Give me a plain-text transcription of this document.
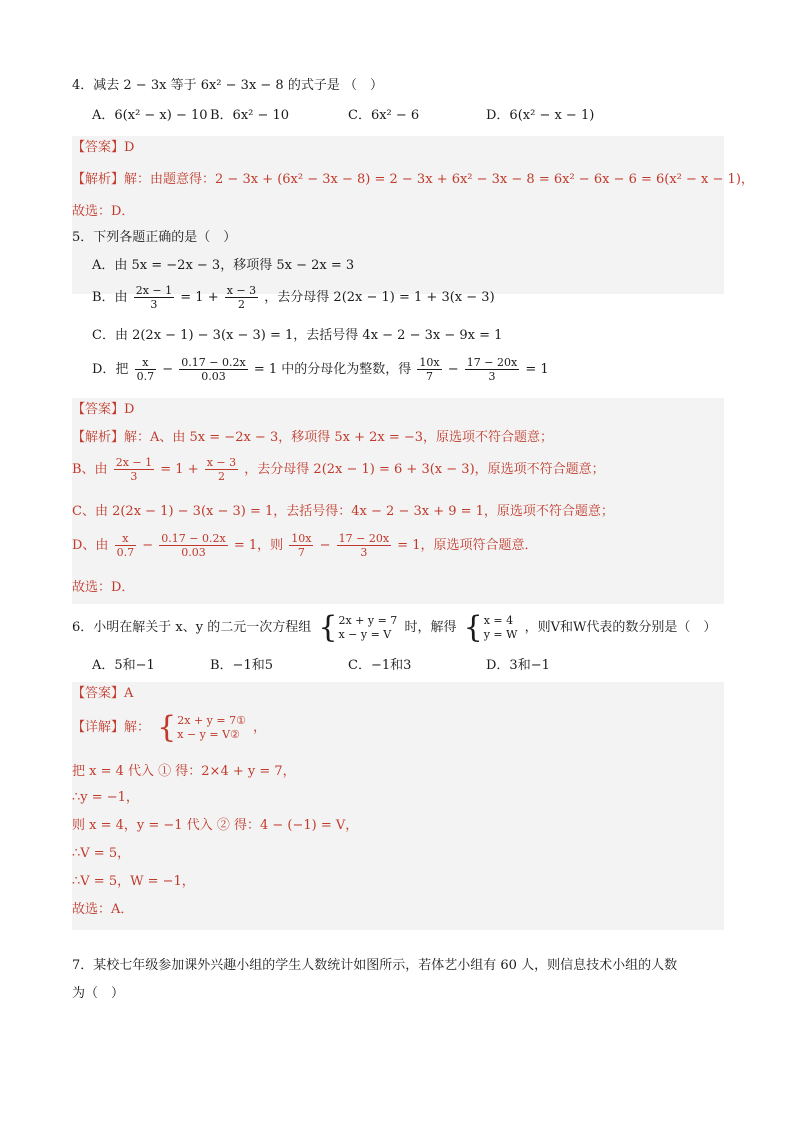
4．减去 2 − 3x 等于 6x² − 3x − 8 的式子是 （　）
A．6(x² − x) − 10 B．6x² − 10	C．6x² − 6	D．6(x² − x − 1)
【答案】D
【解析】解：由题意得：2 − 3x + (6x² − 3x − 8) = 2 − 3x + 6x² − 3x − 8 = 6x² − 6x − 6 = 6(x² − x − 1)，
故选：D．
5．下列各题正确的是（　）
A．由 5x = −2x − 3，移项得 5x − 2x = 3
B．由 $\frac{2x - 1}{3} = 1 + \frac{x - 3}{2}$ ，去分母得 2(2x − 1) = 1 + 3(x − 3)
C．由 2(2x − 1) − 3(x − 3) = 1，去括号得 4x − 2 − 3x − 9x = 1
D．把 $\frac{x}{0.7} - \frac{0.17 - 0.2x}{0.03} = 1$ 中的分母化为整数，得 $\frac{10x}{7} - \frac{17 - 20x}{3} = 1$
【答案】D
【解析】解：A、由 5x = −2x − 3，移项得 5x + 2x = −3，原选项不符合题意；
B、由 $\frac{2x - 1}{3} = 1 + \frac{x - 3}{2}$ ，去分母得 2(2x − 1) = 6 + 3(x − 3)，原选项不符合题意；
C、由 2(2x − 1) − 3(x − 3) = 1，去括号得：4x − 2 − 3x + 9 = 1，原选项不符合题意；
D、由 $\frac{x}{0.7} - \frac{0.17 - 0.2x}{0.03} = 1$，则 $\frac{10x}{7} - \frac{17 - 20x}{3} = 1$，原选项符合题意．
故选：D．
6．小明在解关于 x、y 的二元一次方程组 { 2x + y = 7
x − y = V	时，解得 { x = 4
y = W ，则V和W代表的数分别是（　）
A．5和−1	B．−1和5	C．−1和3	D．3和−1
【答案】A
【详解】解： { 2x + y = 7①
x − y = V②	，
把 x = 4 代入 ① 得：2×4 + y = 7，
∴y = −1，
则 x = 4，y = −1 代入 ② 得：4 − (−1) = V，
∴V = 5，
∴V = 5，W = −1，
故选：A．
7．某校七年级参加课外兴趣小组的学生人数统计如图所示，若体艺小组有 60 人，则信息技术小组的人数
为（　）
